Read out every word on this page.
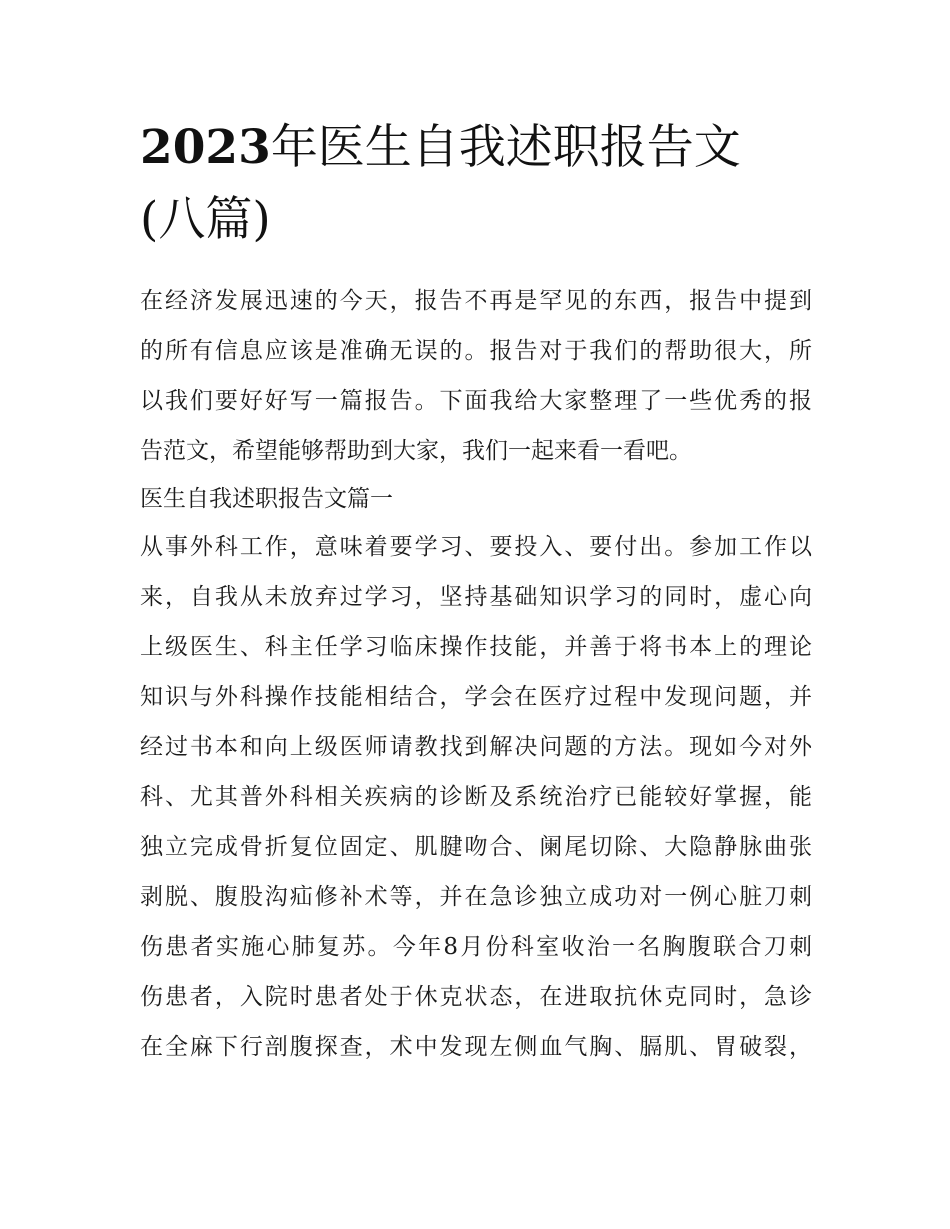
2023年医生自我述职报告文
(八篇)
在经济发展迅速的今天，报告不再是罕见的东西，报告中提到
的所有信息应该是准确无误的。报告对于我们的帮助很大，所
以我们要好好写一篇报告。下面我给大家整理了一些优秀的报
告范文，希望能够帮助到大家，我们一起来看一看吧。
医生自我述职报告文篇一
从事外科工作，意味着要学习、要投入、要付出。参加工作以
来，自我从未放弃过学习，坚持基础知识学习的同时，虚心向
上级医生、科主任学习临床操作技能，并善于将书本上的理论
知识与外科操作技能相结合，学会在医疗过程中发现问题，并
经过书本和向上级医师请教找到解决问题的方法。现如今对外
科、尤其普外科相关疾病的诊断及系统治疗已能较好掌握，能
独立完成骨折复位固定、肌腱吻合、阑尾切除、大隐静脉曲张
剥脱、腹股沟疝修补术等，并在急诊独立成功对一例心脏刀刺
伤患者实施心肺复苏。今年8月份科室收治一名胸腹联合刀刺
伤患者，入院时患者处于休克状态，在进取抗休克同时，急诊
在全麻下行剖腹探查，术中发现左侧血气胸、膈肌、胃破裂，
